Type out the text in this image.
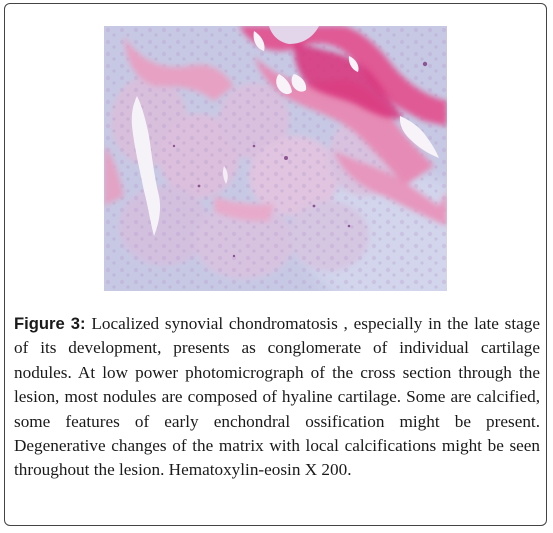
Figure 3: Localized synovial chondromatosis , especially in the late stage of its development, presents as conglomerate of individual cartilage nodules. At low power photomicrograph of the cross section through the lesion, most nodules are composed of hyaline cartilage. Some are calcified, some features of early enchondral ossification might be present. Degenerative changes of the matrix with local calcifications might be seen throughout the lesion. Hematoxylin-eosin X 200.
